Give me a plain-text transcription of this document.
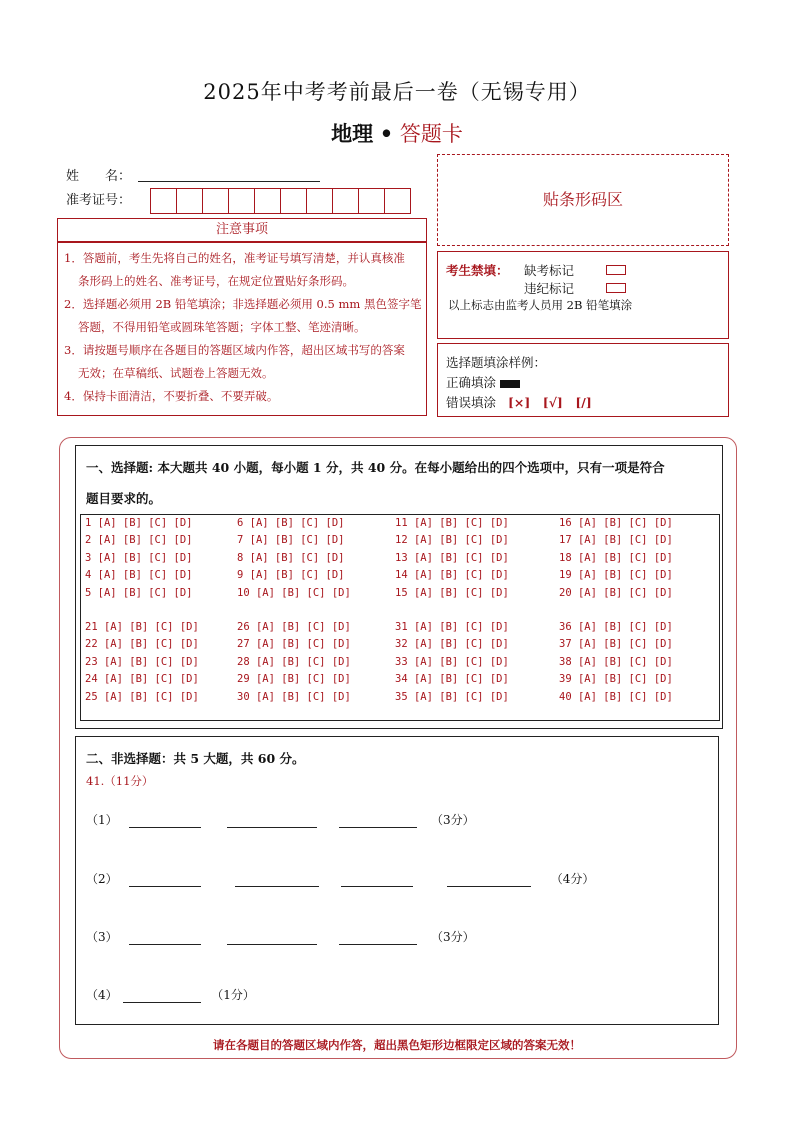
2025年中考考前最后一卷（无锡专用）
地理 • 答题卡
姓　　名：
准考证号：
注意事项

1．答题前，考生先将自己的姓名，准考证号填写清楚，并认真核准

条形码上的姓名、准考证号，在规定位置贴好条形码。

2．选择题必须用 2B 铅笔填涂；非选择题必须用 0.5 mm 黑色签字笔

答题，不得用铅笔或圆珠笔答题；字体工整、笔迹清晰。

3．请按题号顺序在各题目的答题区域内作答，超出区域书写的答案

无效；在草稿纸、试题卷上答题无效。

4．保持卡面清洁，不要折叠、不要弄破。

贴条形码区
考生禁填： 缺考标记
违纪标记
以上标志由监考人员用 2B 铅笔填涂
选择题填涂样例：
正确填涂
错误填涂 [×]　[√]　[/]
一、选择题: 本大题共 40 小题，每小题 1 分，共 40 分。在每小题给出的四个选项中，只有一项是符合
题目要求的。
1 [A] [B] [C] [D]	6 [A] [B] [C] [D]	11 [A] [B] [C] [D]	16 [A] [B] [C] [D]
2 [A] [B] [C] [D]	7 [A] [B] [C] [D]	12 [A] [B] [C] [D]	17 [A] [B] [C] [D]
3 [A] [B] [C] [D]	8 [A] [B] [C] [D]	13 [A] [B] [C] [D]	18 [A] [B] [C] [D]
4 [A] [B] [C] [D]	9 [A] [B] [C] [D]	14 [A] [B] [C] [D]	19 [A] [B] [C] [D]
5 [A] [B] [C] [D]	10 [A] [B] [C] [D]	15 [A] [B] [C] [D]	20 [A] [B] [C] [D]
21 [A] [B] [C] [D]	26 [A] [B] [C] [D]	31 [A] [B] [C] [D]	36 [A] [B] [C] [D]
22 [A] [B] [C] [D]	27 [A] [B] [C] [D]	32 [A] [B] [C] [D]	37 [A] [B] [C] [D]
23 [A] [B] [C] [D]	28 [A] [B] [C] [D]	33 [A] [B] [C] [D]	38 [A] [B] [C] [D]
24 [A] [B] [C] [D]	29 [A] [B] [C] [D]	34 [A] [B] [C] [D]	39 [A] [B] [C] [D]
25 [A] [B] [C] [D]	30 [A] [B] [C] [D]	35 [A] [B] [C] [D]	40 [A] [B] [C] [D]
二、非选择题：共 5 大题，共 60 分。
41.（11分）
（1）	（3分）
（2）	（4分）
（3）	（3分）
（4）	（1分）
请在各题目的答题区域内作答，超出黑色矩形边框限定区域的答案无效！
